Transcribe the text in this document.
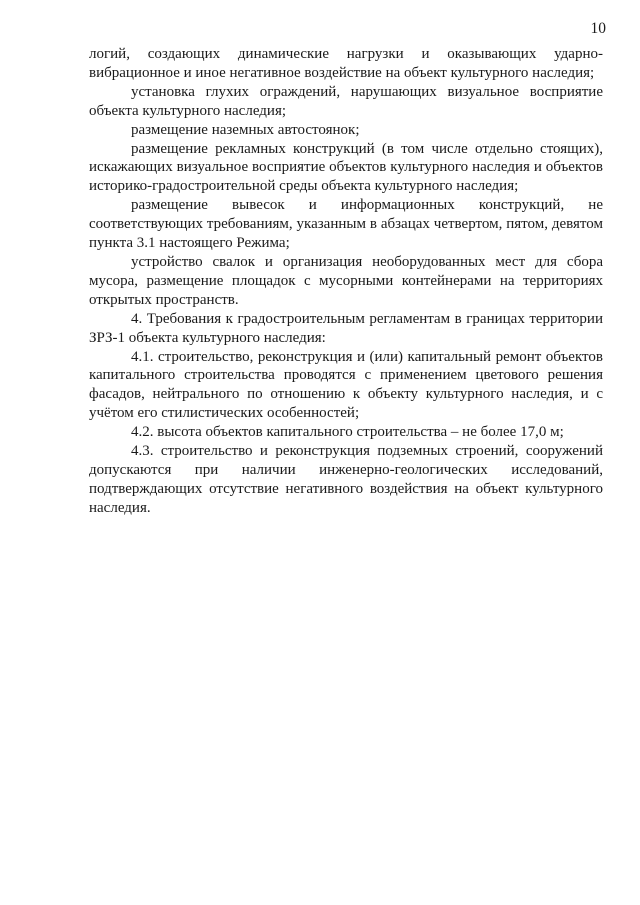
10

логий, создающих динамические нагрузки и оказывающих ударно-вибрационное и иное негативное воздействие на объект культурного наследия;

установка глухих ограждений, нарушающих визуальное восприятие объекта культурного наследия;

размещение наземных автостоянок;

размещение рекламных конструкций (в том числе отдельно стоящих), искажающих визуальное восприятие объектов культурного наследия и объектов историко-градостроительной среды объекта культурного наследия;

размещение вывесок и информационных конструкций, не соответствующих требованиям, указанным в абзацах четвертом, пятом, девятом пункта 3.1 настоящего Режима;

устройство свалок и организация необорудованных мест для сбора мусора, размещение площадок с мусорными контейнерами на территориях открытых пространств.

4. Требования к градостроительным регламентам в границах территории ЗРЗ-1 объекта культурного наследия:

4.1. строительство, реконструкция и (или) капитальный ремонт объектов капитального строительства проводятся с применением цветового решения фасадов, нейтрального по отношению к объекту культурного наследия, и с учётом его стилистических особенностей;

4.2. высота объектов капитального строительства – не более 17,0 м;

4.3. строительство и реконструкция подземных строений, сооружений допускаются при наличии инженерно-геологических исследований, подтверждающих отсутствие негативного воздействия на объект культурного наследия.
